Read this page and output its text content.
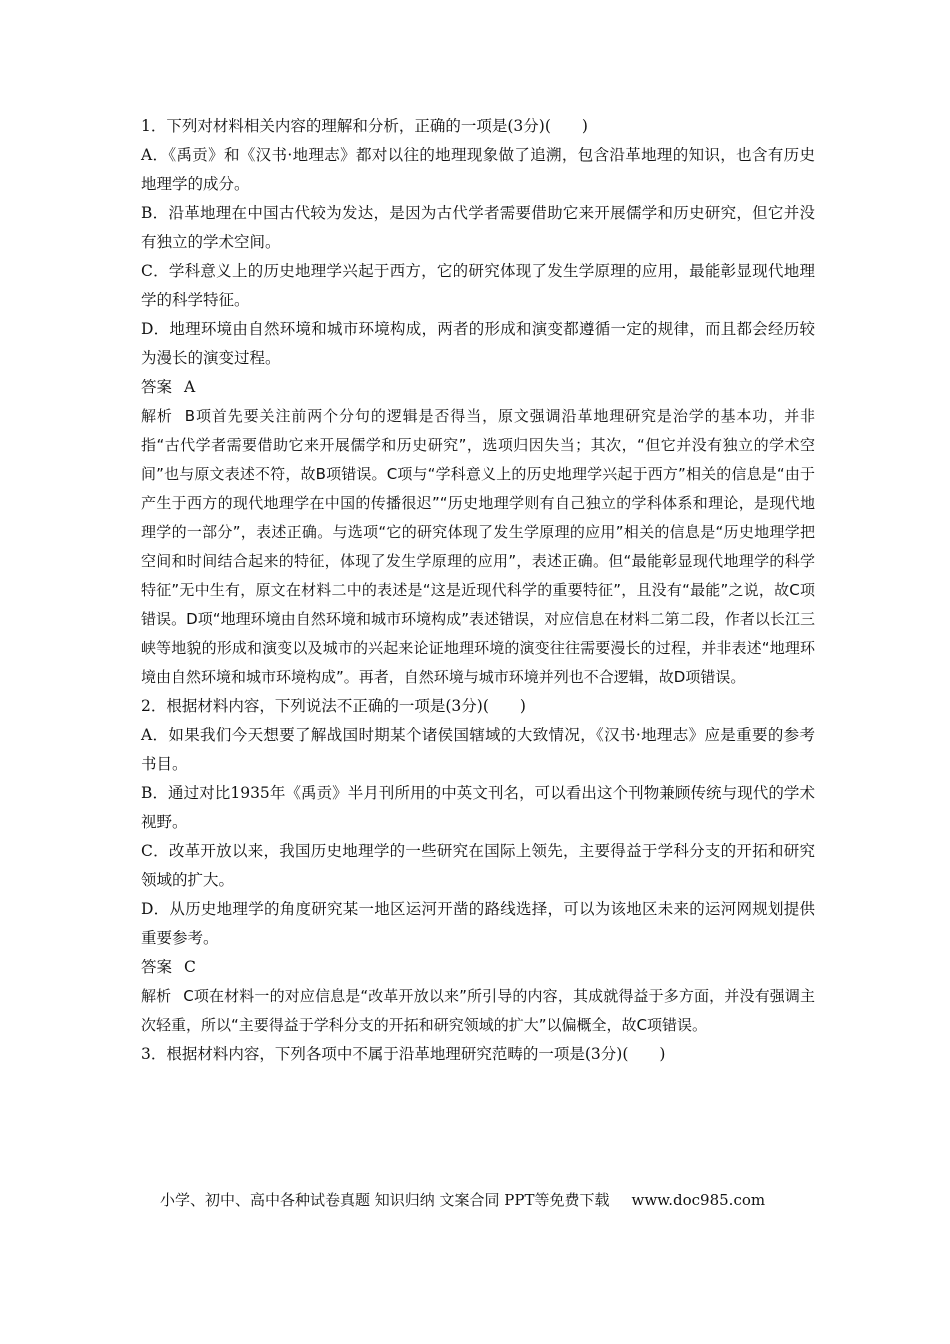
1．下列对材料相关内容的理解和分析，正确的一项是(3分)(　　)

A．《禹贡》和《汉书·地理志》都对以往的地理现象做了追溯，包含沿革地理的知识，也含有历史地理学的成分。

B．沿革地理在中国古代较为发达，是因为古代学者需要借助它来开展儒学和历史研究，但它并没有独立的学术空间。

C．学科意义上的历史地理学兴起于西方，它的研究体现了发生学原理的应用，最能彰显现代地理学的科学特征。

D．地理环境由自然环境和城市环境构成，两者的形成和演变都遵循一定的规律，而且都会经历较为漫长的演变过程。

答案 A

解析 B项首先要关注前两个分句的逻辑是否得当，原文强调沿革地理研究是治学的基本功，并非指“古代学者需要借助它来开展儒学和历史研究”，选项归因失当；其次，“但它并没有独立的学术空间”也与原文表述不符，故B项错误。C项与“学科意义上的历史地理学兴起于西方”相关的信息是“由于产生于西方的现代地理学在中国的传播很迟”“历史地理学则有自己独立的学科体系和理论，是现代地理学的一部分”，表述正确。与选项“它的研究体现了发生学原理的应用”相关的信息是“历史地理学把空间和时间结合起来的特征，体现了发生学原理的应用”，表述正确。但“最能彰显现代地理学的科学特征”无中生有，原文在材料二中的表述是“这是近现代科学的重要特征”，且没有“最能”之说，故C项错误。D项“地理环境由自然环境和城市环境构成”表述错误，对应信息在材料二第二段，作者以长江三峡等地貌的形成和演变以及城市的兴起来论证地理环境的演变往往需要漫长的过程，并非表述“地理环境由自然环境和城市环境构成”。再者，自然环境与城市环境并列也不合逻辑，故D项错误。

2．根据材料内容，下列说法不正确的一项是(3分)(　　)

A．如果我们今天想要了解战国时期某个诸侯国辖域的大致情况，《汉书·地理志》应是重要的参考书目。

B．通过对比1935年《禹贡》半月刊所用的中英文刊名，可以看出这个刊物兼顾传统与现代的学术视野。

C．改革开放以来，我国历史地理学的一些研究在国际上领先，主要得益于学科分支的开拓和研究领域的扩大。

D．从历史地理学的角度研究某一地区运河开凿的路线选择，可以为该地区未来的运河网规划提供重要参考。

答案 C

解析 C项在材料一的对应信息是“改革开放以来”所引导的内容，其成就得益于多方面，并没有强调主次轻重，所以“主要得益于学科分支的开拓和研究领域的扩大”以偏概全，故C项错误。

3．根据材料内容，下列各项中不属于沿革地理研究范畴的一项是(3分)(　　)

小学、初中、高中各种试卷真题 知识归纳 文案合同 PPT等免费下载 www.doc985.com
